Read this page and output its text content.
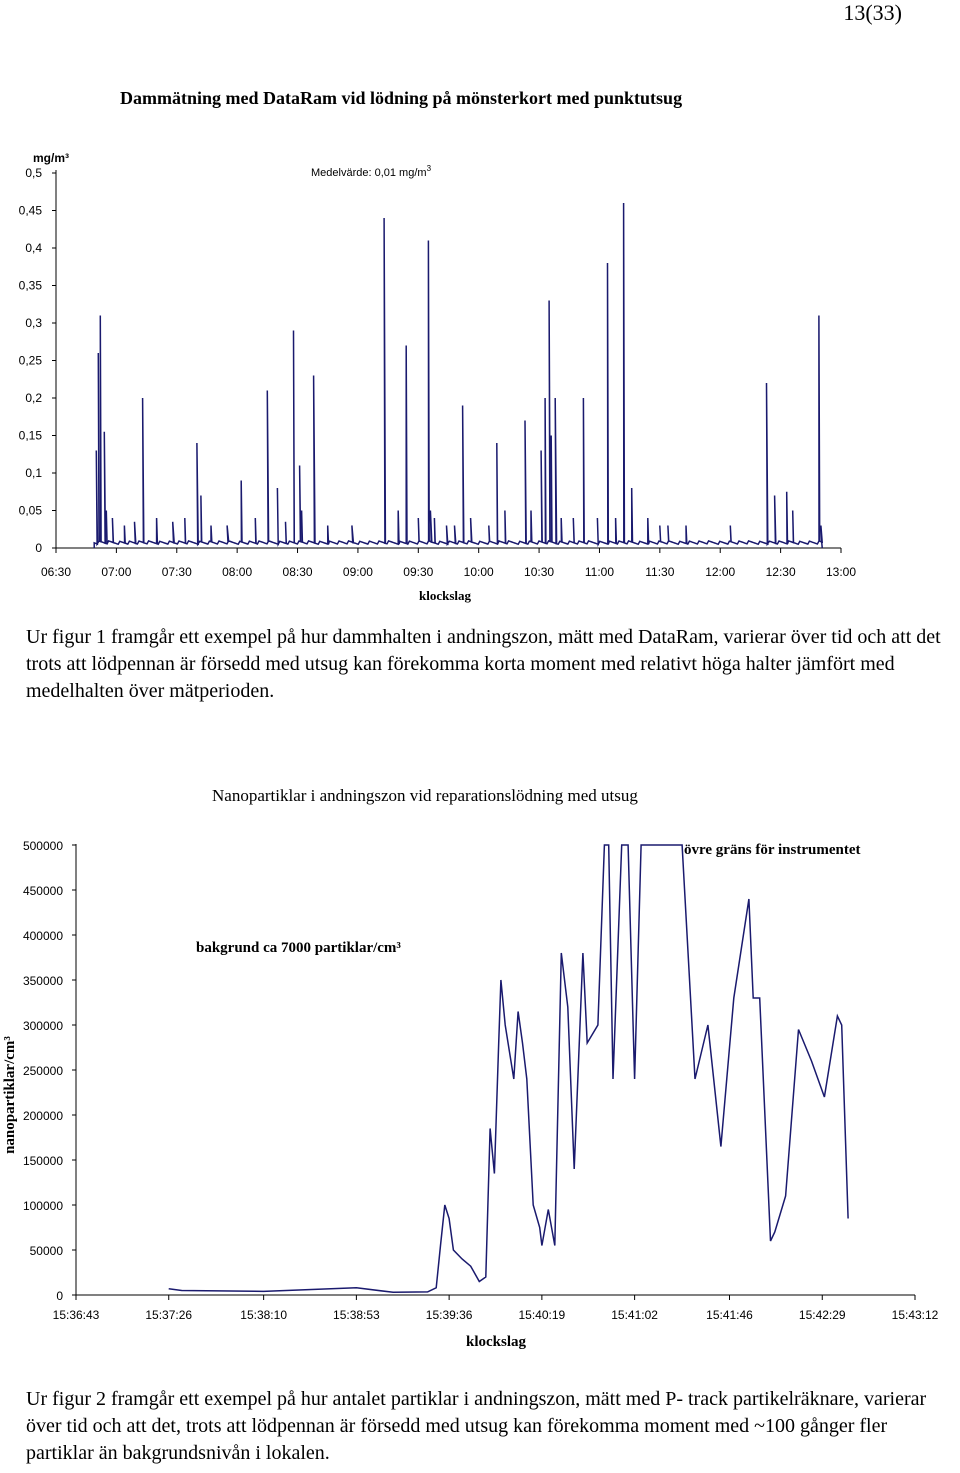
13(33)
Dammätning med DataRam vid lödning på mönsterkort med punktutsug
0
0,05
0,1
0,15
0,2
0,25
0,3
0,35
0,4
0,45
0,5
06:30	07:00	07:30	08:00	08:30	09:00	09:30	10:00	10:30	11:00	11:30	12:00	12:30	13:00
mg/m³
Medelvärde: 0,01 $mg/m^3$
klockslag
Ur figur 1 framgår ett exempel på hur dammhalten i andningszon, mätt med DataRam, varierar över tid och att det trots att lödpennan är försedd med utsug kan förekomma korta moment med relativt höga halter jämfört med medelhalten över mätperioden.
Nanopartiklar i andningszon vid reparationslödning med utsug
0
50000
100000
150000
200000
250000
300000
350000
400000
450000
500000
15:36:43	15:37:26	15:38:10	15:38:53	15:39:36	15:40:19	15:41:02	15:41:46	15:42:29	15:43:12
övre gräns för instrumentet
bakgrund ca 7000 partiklar/cm³
klockslag
nanopartiklar/cm³
Ur figur 2 framgår ett exempel på hur antalet partiklar i andningszon, mätt med P- track partikelräknare, varierar över tid och att det, trots att lödpennan är försedd med utsug kan förekomma moment med ~100 gånger fler partiklar än bakgrundsnivån i lokalen.
